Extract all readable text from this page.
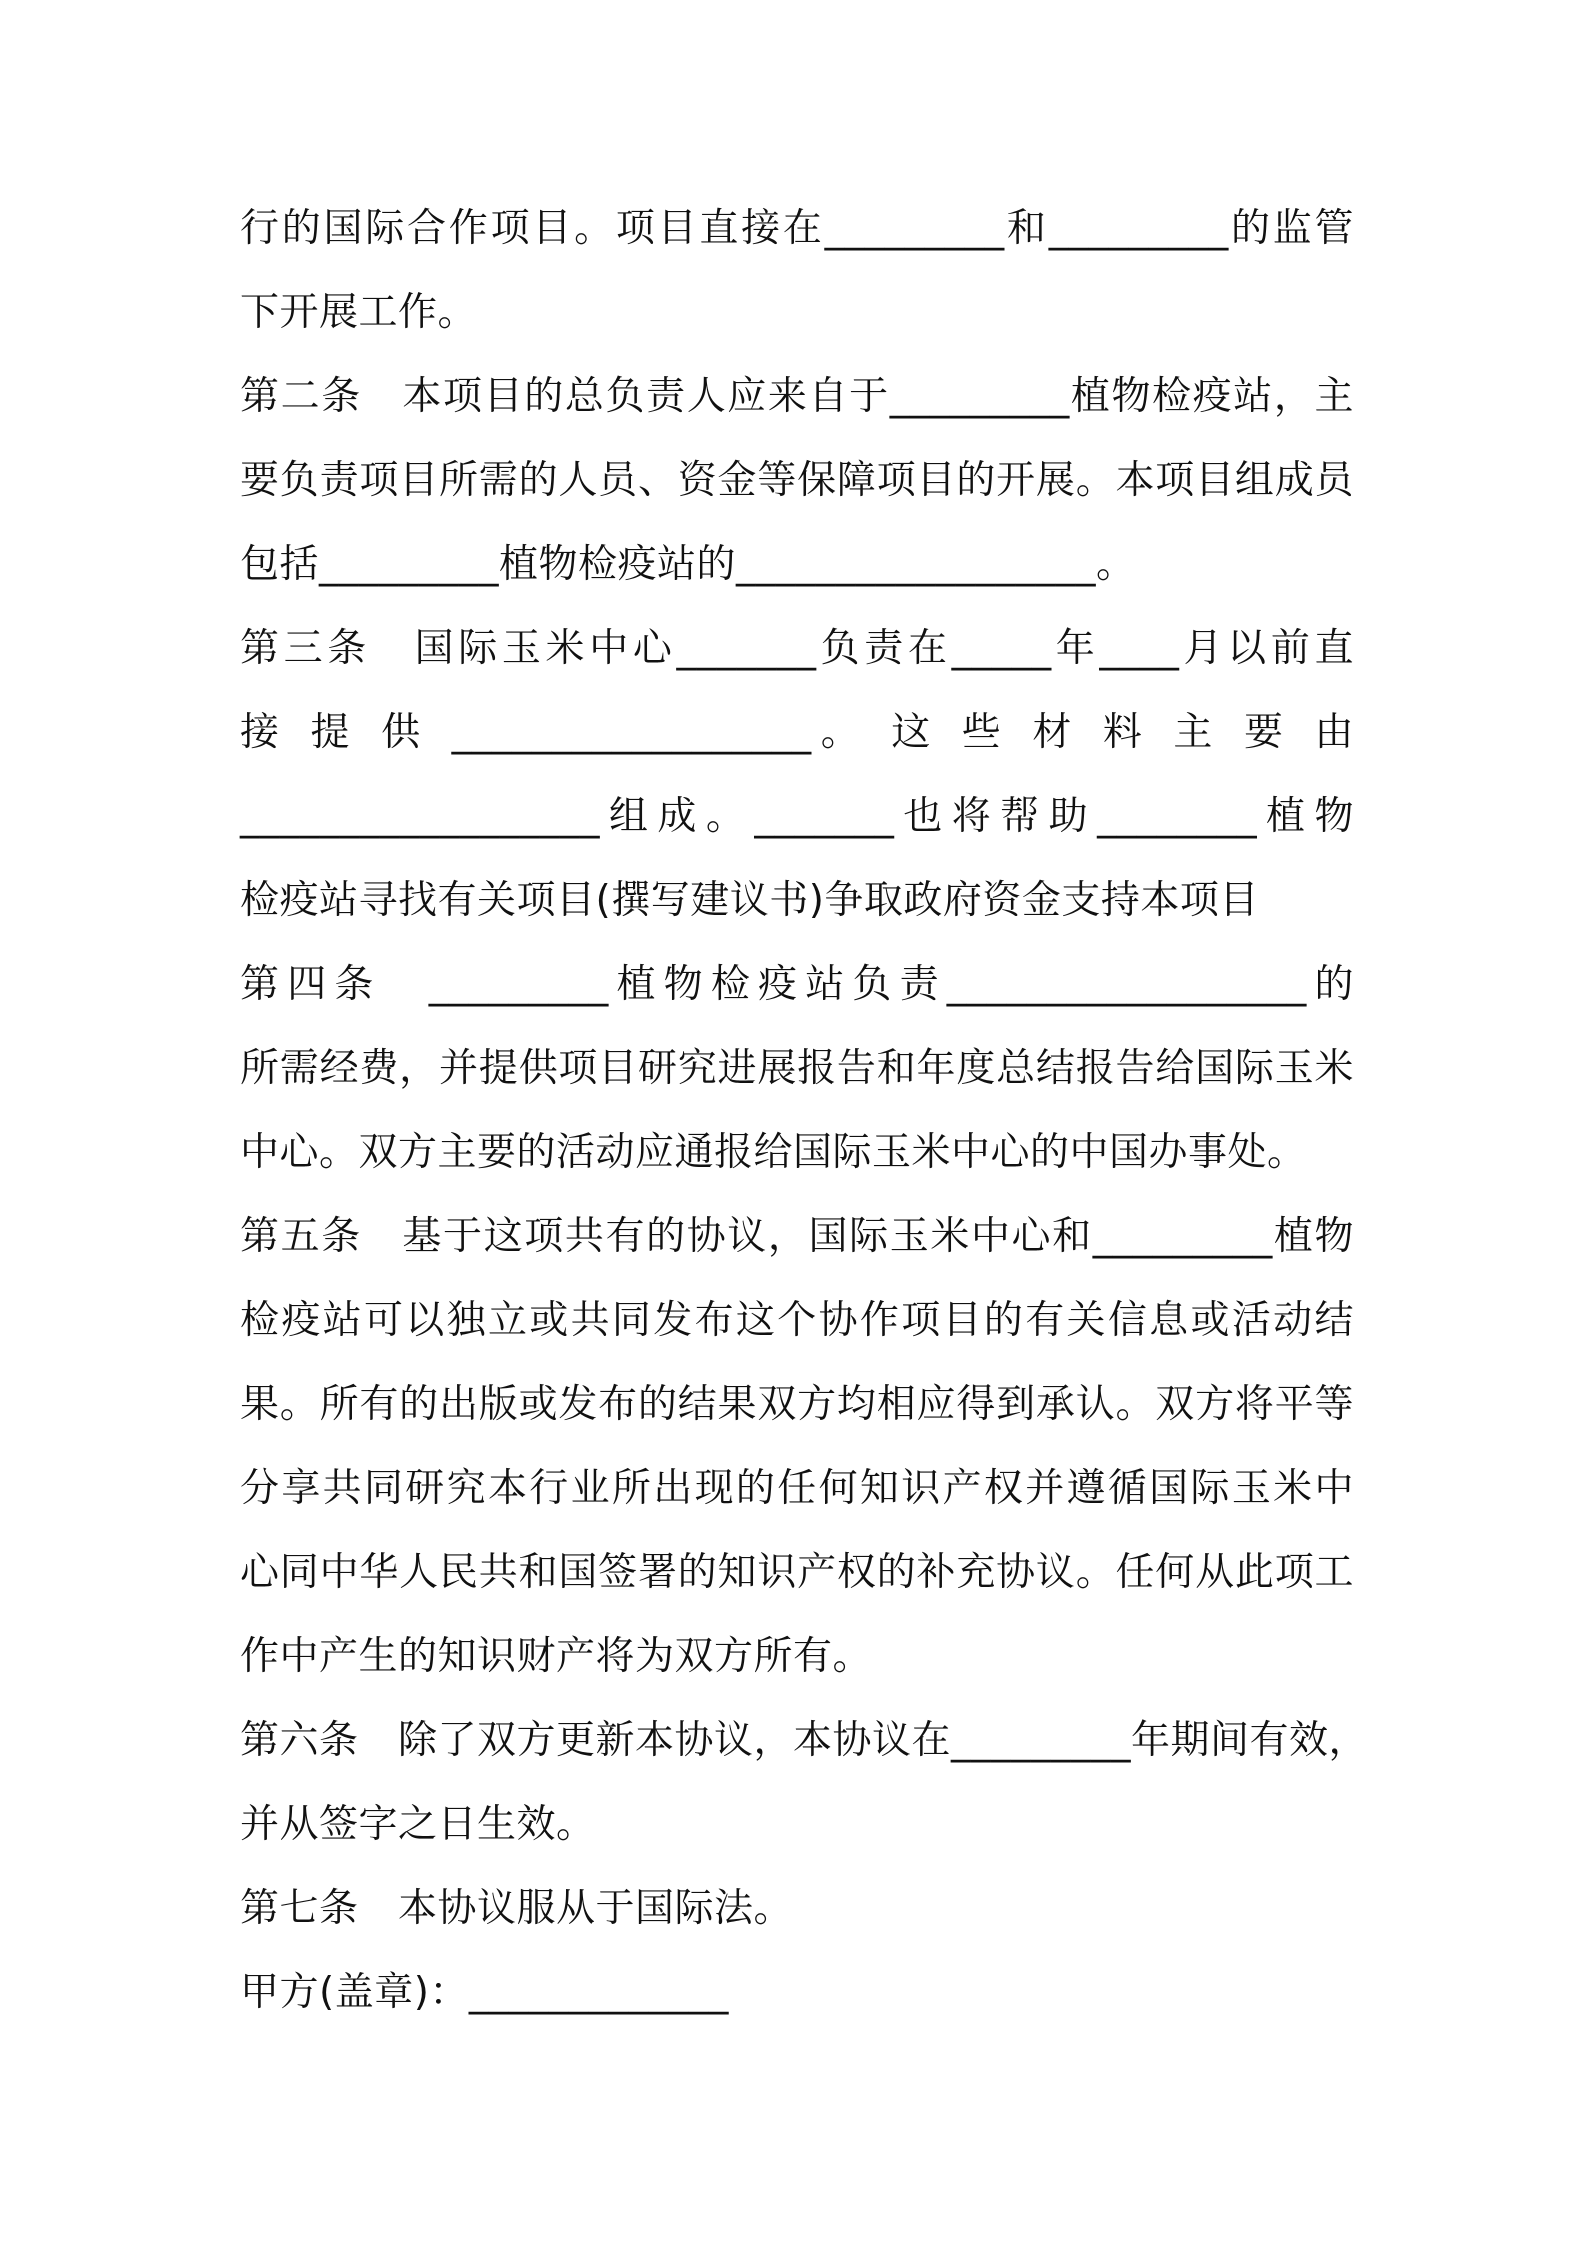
行的国际合作项目。项目直接在_________和_________的监管
下开展工作。
第二条　本项目的总负责人应来自于_________植物检疫站，主
要负责项目所需的人员、资金等保障项目的开展。本项目组成员
包括_________植物检疫站的__________________。
第三条　国际玉米中心_______负责在_____年____月以前直
接 提 供 __________________。 这 些 材 料 主 要 由
__________________组成。_______也将帮助________植物
检疫站寻找有关项目(撰写建议书)争取政府资金支持本项目
第四条　_________植物检疫站负责__________________的
所需经费，并提供项目研究进展报告和年度总结报告给国际玉米
中心。双方主要的活动应通报给国际玉米中心的中国办事处。
第五条　基于这项共有的协议，国际玉米中心和_________植物
检疫站可以独立或共同发布这个协作项目的有关信息或活动结
果。所有的出版或发布的结果双方均相应得到承认。双方将平等
分享共同研究本行业所出现的任何知识产权并遵循国际玉米中
心同中华人民共和国签署的知识产权的补充协议。任何从此项工
作中产生的知识财产将为双方所有。
第六条　除了双方更新本协议，本协议在_________年期间有效，
并从签字之日生效。
第七条　本协议服从于国际法。
甲方(盖章)：_____________
